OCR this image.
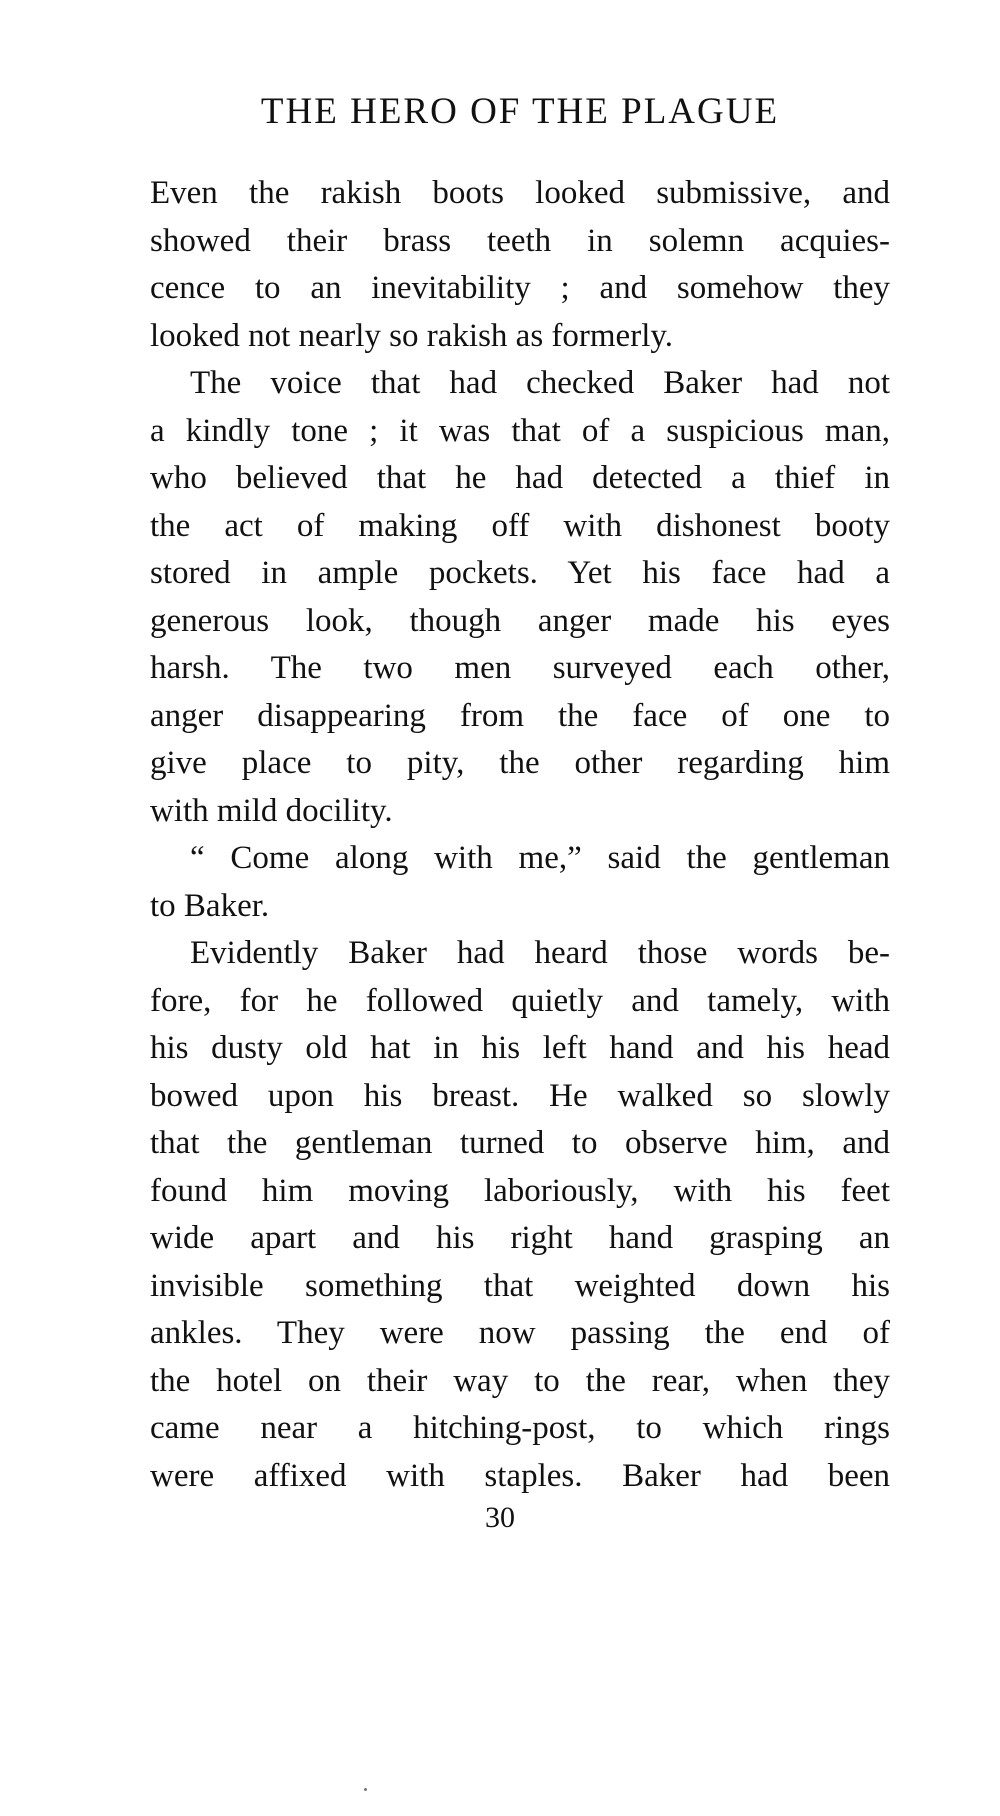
THE HERO OF THE PLAGUE
Even the rakish boots looked submissive, and
showed their brass teeth in solemn acquies-
cence to an inevitability ; and somehow they
looked not nearly so rakish as formerly.
The voice that had checked Baker had not
a kindly tone ; it was that of a suspicious man,
who believed that he had detected a thief in
the act of making off with dishonest booty
stored in ample pockets. Yet his face had a
generous look, though anger made his eyes
harsh. The two men surveyed each other,
anger disappearing from the face of one to
give place to pity, the other regarding him
with mild docility.
“ Come along with me,” said the gentleman
to Baker.
Evidently Baker had heard those words be-
fore, for he followed quietly and tamely, with
his dusty old hat in his left hand and his head
bowed upon his breast. He walked so slowly
that the gentleman turned to observe him, and
found him moving laboriously, with his feet
wide apart and his right hand grasping an
invisible something that weighted down his
ankles. They were now passing the end of
the hotel on their way to the rear, when they
came near a hitching-post, to which rings
were affixed with staples. Baker had been
30
